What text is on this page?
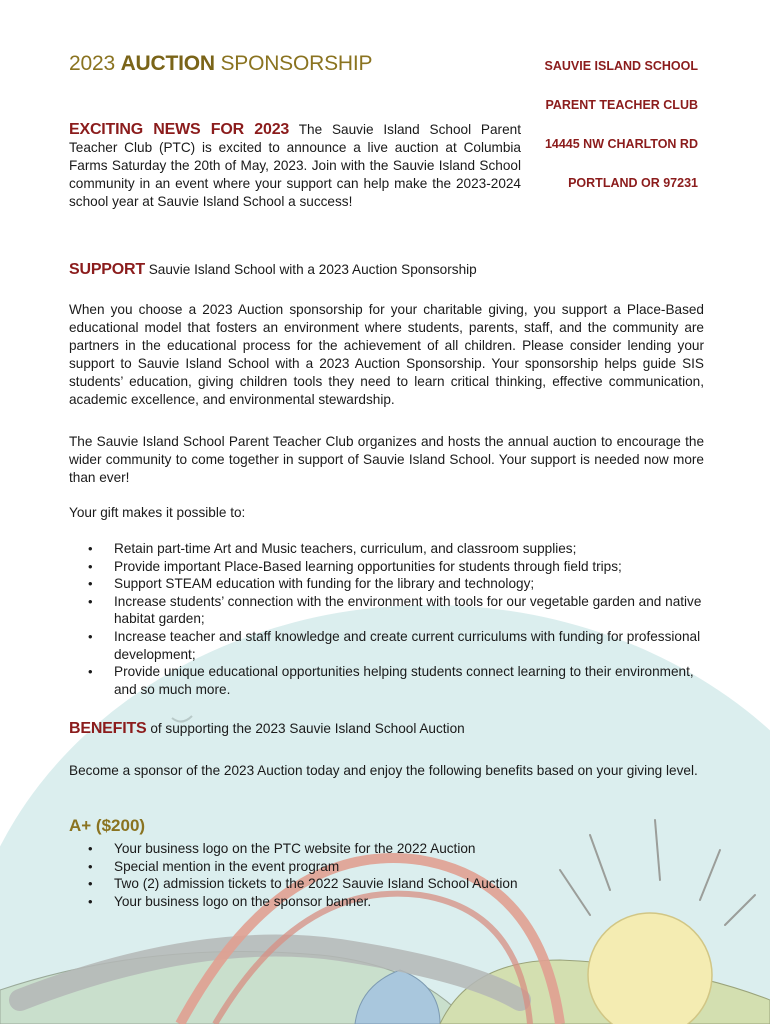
2023 AUCTION SPONSORSHIP	SAUVIE ISLAND SCHOOL
PARENT TEACHER CLUB
14445 NW CHARLTON RD
PORTLAND OR 97231
EXCITING NEWS FOR 2023 The Sauvie Island School Parent Teacher Club (PTC) is excited to announce a live auction at Columbia Farms Saturday the 20th of May, 2023. Join with the Sauvie Island School community in an event where your support can help make the 2023-2024 school year at Sauvie Island School a success!
SUPPORT Sauvie Island School with a 2023 Auction Sponsorship
When you choose a 2023 Auction sponsorship for your charitable giving, you support a Place-Based educational model that fosters an environment where students, parents, staff, and the community are partners in the educational process for the achievement of all children. Please consider lending your support to Sauvie Island School with a 2023 Auction Sponsorship. Your sponsorship helps guide SIS students’ education, giving children tools they need to learn critical thinking, effective communication, academic excellence, and environmental stewardship.
The Sauvie Island School Parent Teacher Club organizes and hosts the annual auction to encourage the wider community to come together in support of Sauvie Island School. Your support is needed now more than ever!
Your gift makes it possible to:
• Retain part-time Art and Music teachers, curriculum, and classroom supplies;
• Provide important Place-Based learning opportunities for students through field trips;
• Support STEAM education with funding for the library and technology;
• Increase students’ connection with the environment with tools for our vegetable garden and native habitat garden;
• Increase teacher and staff knowledge and create current curriculums with funding for professional development;
• Provide unique educational opportunities helping students connect learning to their environment, and so much more.
BENEFITS of supporting the 2023 Sauvie Island School Auction
Become a sponsor of the 2023 Auction today and enjoy the following benefits based on your giving level.
A+ ($200)
• Your business logo on the PTC website for the 2022 Auction
• Special mention in the event program
• Two (2) admission tickets to the 2022 Sauvie Island School Auction
• Your business logo on the sponsor banner.
